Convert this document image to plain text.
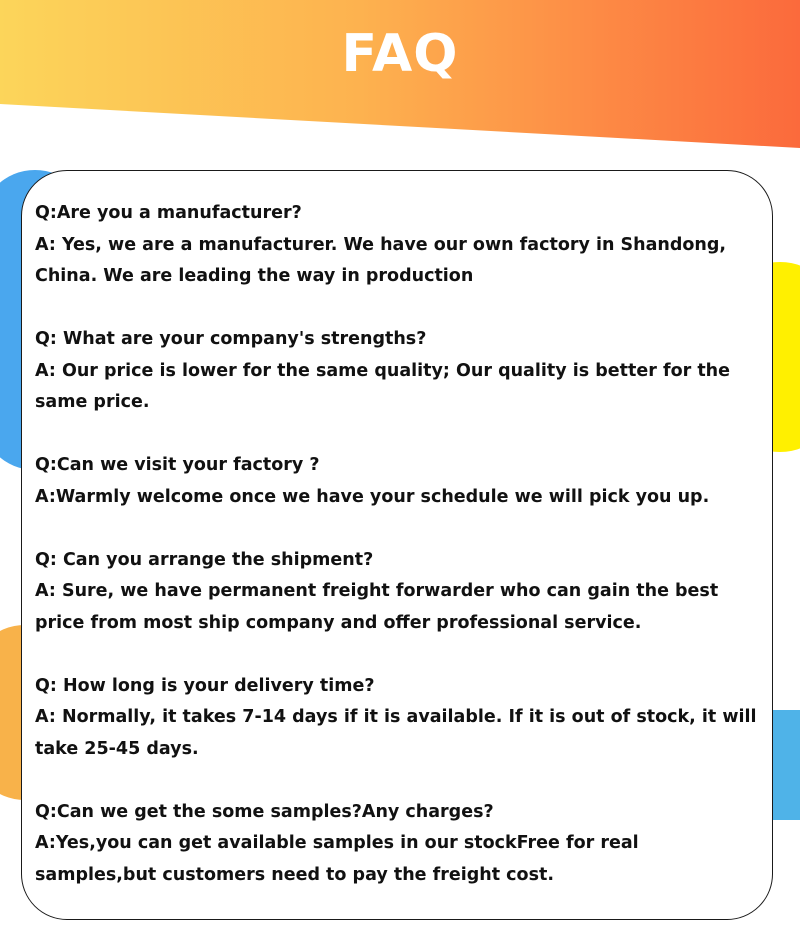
FAQ

Q:Are you a manufacturer?

A: Yes, we are a manufacturer. We have our own factory in Shandong, China. We are leading the way in production

Q: What are your company's strengths?

A: Our price is lower for the same quality; Our quality is better for the same price.

Q:Can we visit your factory ?

A:Warmly welcome once we have your schedule we will pick you up.

Q: Can you arrange the shipment?

A: Sure, we have permanent freight forwarder who can gain the best price from most ship company and offer professional service.

Q: How long is your delivery time?

A: Normally, it takes 7-14 days if it is available. If it is out of stock, it will take 25-45 days.

Q:Can we get the some samples?Any charges?

A:Yes,you can get available samples in our stockFree for real samples,but customers need to pay the freight cost.
